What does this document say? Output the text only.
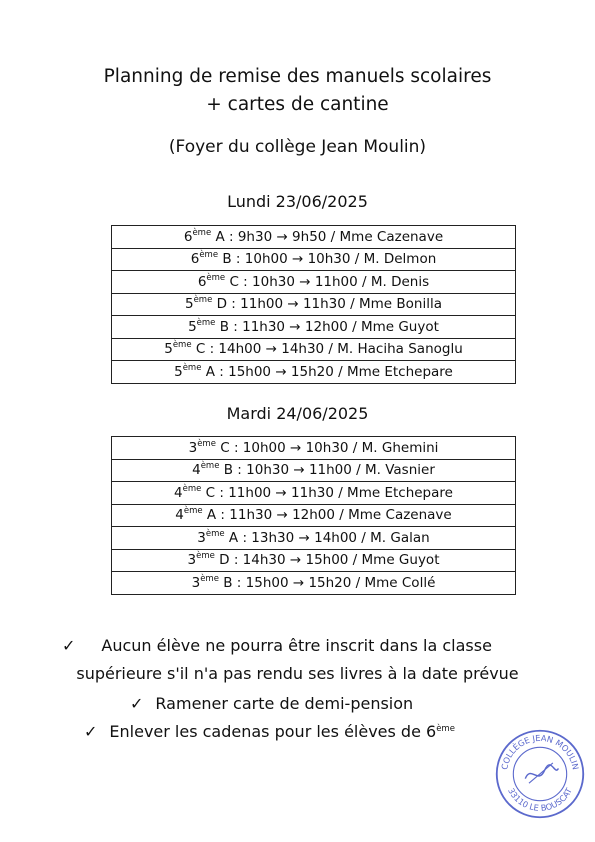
Planning de remise des manuels scolaires
+ cartes de cantine
(Foyer du collège Jean Moulin)
Lundi 23/06/2025
6ème A : 9h30 → 9h50 / Mme Cazenave
6ème B : 10h00 → 10h30 / M. Delmon
6ème C : 10h30 → 11h00 / M. Denis
5ème D : 11h00 → 11h30 / Mme Bonilla
5ème B : 11h30 → 12h00 / Mme Guyot
5ème C : 14h00 → 14h30 / M. Haciha Sanoglu
5ème A : 15h00 → 15h20 / Mme Etchepare
Mardi 24/06/2025
3ème C : 10h00 → 10h30 / M. Ghemini
4ème B : 10h30 → 11h00 / M. Vasnier
4ème C : 11h00 → 11h30 / Mme Etchepare
4ème A : 11h30 → 12h00 / Mme Cazenave
3ème A : 13h30 → 14h00 / M. Galan
3ème D : 14h30 → 15h00 / Mme Guyot
3ème B : 15h00 → 15h20 / Mme Collé
✓ Aucun élève ne pourra être inscrit dans la classe
supérieure s'il n'a pas rendu ses livres à la date prévue
✓ Ramener carte de demi-pension
✓ Enlever les cadenas pour les élèves de 6ème
COLLÈGE JEAN MOULIN
33110 LE BOUSCAT
